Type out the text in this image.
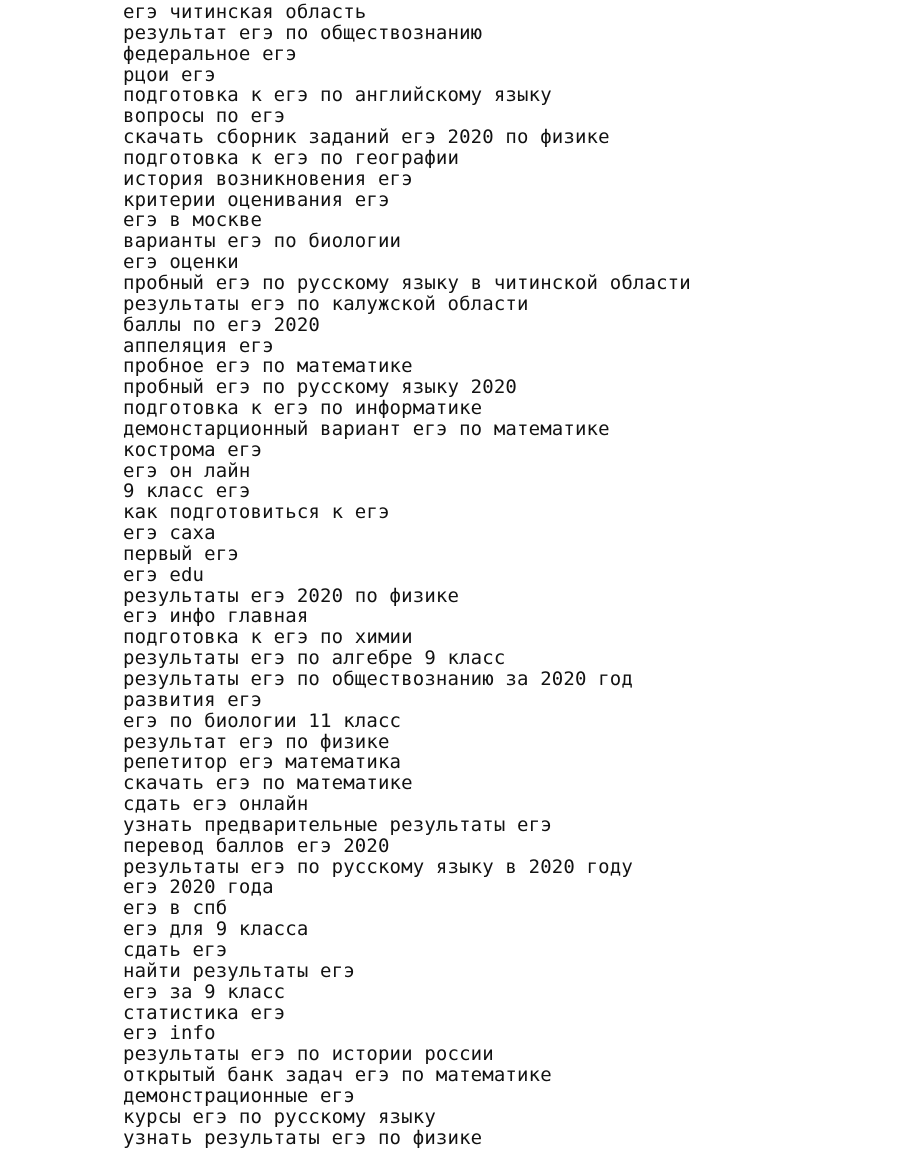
егэ читинская область
результат егэ по обществознанию
федеральное егэ
рцои егэ
подготовка к егэ по английскому языку
вопросы по егэ
скачать сборник заданий егэ 2020 по физике
подготовка к егэ по географии
история возникновения егэ
критерии оценивания егэ
егэ в москве
варианты егэ по биологии
егэ оценки
пробный егэ по русскому языку в читинской области
результаты егэ по калужской области
баллы по егэ 2020
аппеляция егэ
пробное егэ по математике
пробный егэ по русскому языку 2020
подготовка к егэ по информатике
демонстарционный вариант егэ по математике
кострома егэ
егэ он лайн
9 класс егэ
как подготовиться к егэ
егэ саха
первый егэ
егэ edu
результаты егэ 2020 по физике
егэ инфо главная
подготовка к егэ по химии
результаты егэ по алгебре 9 класс
результаты егэ по обществознанию за 2020 год
развития егэ
егэ по биологии 11 класс
результат егэ по физике
репетитор егэ математика
скачать егэ по математике
сдать егэ онлайн
узнать предварительные результаты егэ
перевод баллов егэ 2020
результаты егэ по русскому языку в 2020 году
егэ 2020 года
егэ в спб
егэ для 9 класса
сдать егэ
найти результаты егэ
егэ за 9 класс
статистика егэ
егэ info
результаты егэ по истории россии
открытый банк задач егэ по математике
демонстрационные егэ
курсы егэ по русскому языку
узнать результаты егэ по физике
